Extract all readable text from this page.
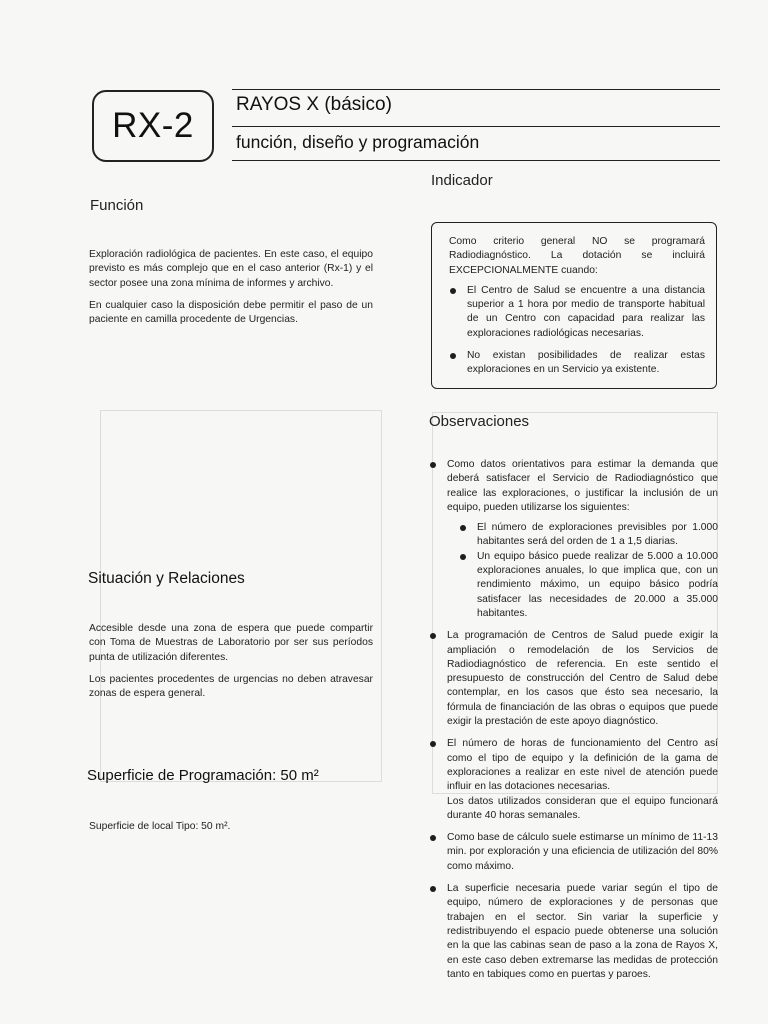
RX-2
RAYOS X (básico)
función, diseño y programación
Función

Exploración radiológica de pacientes. En este caso, el equipo previsto es más complejo que en el caso anterior (Rx-1) y el sector posee una zona mínima de informes y archivo.

En cualquier caso la disposición debe permitir el paso de un paciente en camilla procedente de Urgencias.

Situación y Relaciones

Accesible desde una zona de espera que puede compartir con Toma de Muestras de Laboratorio por ser sus períodos punta de utilización diferentes.

Los pacientes procedentes de urgencias no deben atravesar zonas de espera general.

Superficie de Programación: 50 m²
Superficie de local Tipo: 50 m².
Indicador

Como criterio general NO se programará Radiodiagnóstico. La dotación se incluirá EXCEPCIONALMENTE cuando:

El Centro de Salud se encuentre a una distancia superior a 1 hora por medio de transporte habitual de un Centro con capacidad para realizar las exploraciones radiológicas necesarias.
No existan posibilidades de realizar estas exploraciones en un Servicio ya existente.
Observaciones
Como datos orientativos para estimar la demanda que deberá satisfacer el Servicio de Radiodiagnóstico que realice las exploraciones, o justificar la inclusión de un equipo, pueden utilizarse los siguientes:
El número de exploraciones previsibles por 1.000 habitantes será del orden de 1 a 1,5 diarias.
Un equipo básico puede realizar de 5.000 a 10.000 exploraciones anuales, lo que implica que, con un rendimiento máximo, un equipo básico podría satisfacer las necesidades de 20.000 a 35.000 habitantes.
La programación de Centros de Salud puede exigir la ampliación o remodelación de los Servicios de Radiodiagnóstico de referencia. En este sentido el presupuesto de construcción del Centro de Salud debe contemplar, en los casos que ésto sea necesario, la fórmula de financiación de las obras o equipos que puede exigir la prestación de este apoyo diagnóstico.
El número de horas de funcionamiento del Centro así como el tipo de equipo y la definición de la gama de exploraciones a realizar en este nivel de atención puede influir en las dotaciones necesarias.
Los datos utilizados consideran que el equipo funcionará durante 40 horas semanales.
Como base de cálculo suele estimarse un mínimo de 11-13 min. por exploración y una eficiencia de utilización del 80% como máximo.
La superficie necesaria puede variar según el tipo de equipo, número de exploraciones y de personas que trabajen en el sector. Sin variar la superficie y redistribuyendo el espacio puede obtenerse una solución en la que las cabinas sean de paso a la zona de Rayos X, en este caso deben extremarse las medidas de protección tanto en tabiques como en puertas y paroes.
